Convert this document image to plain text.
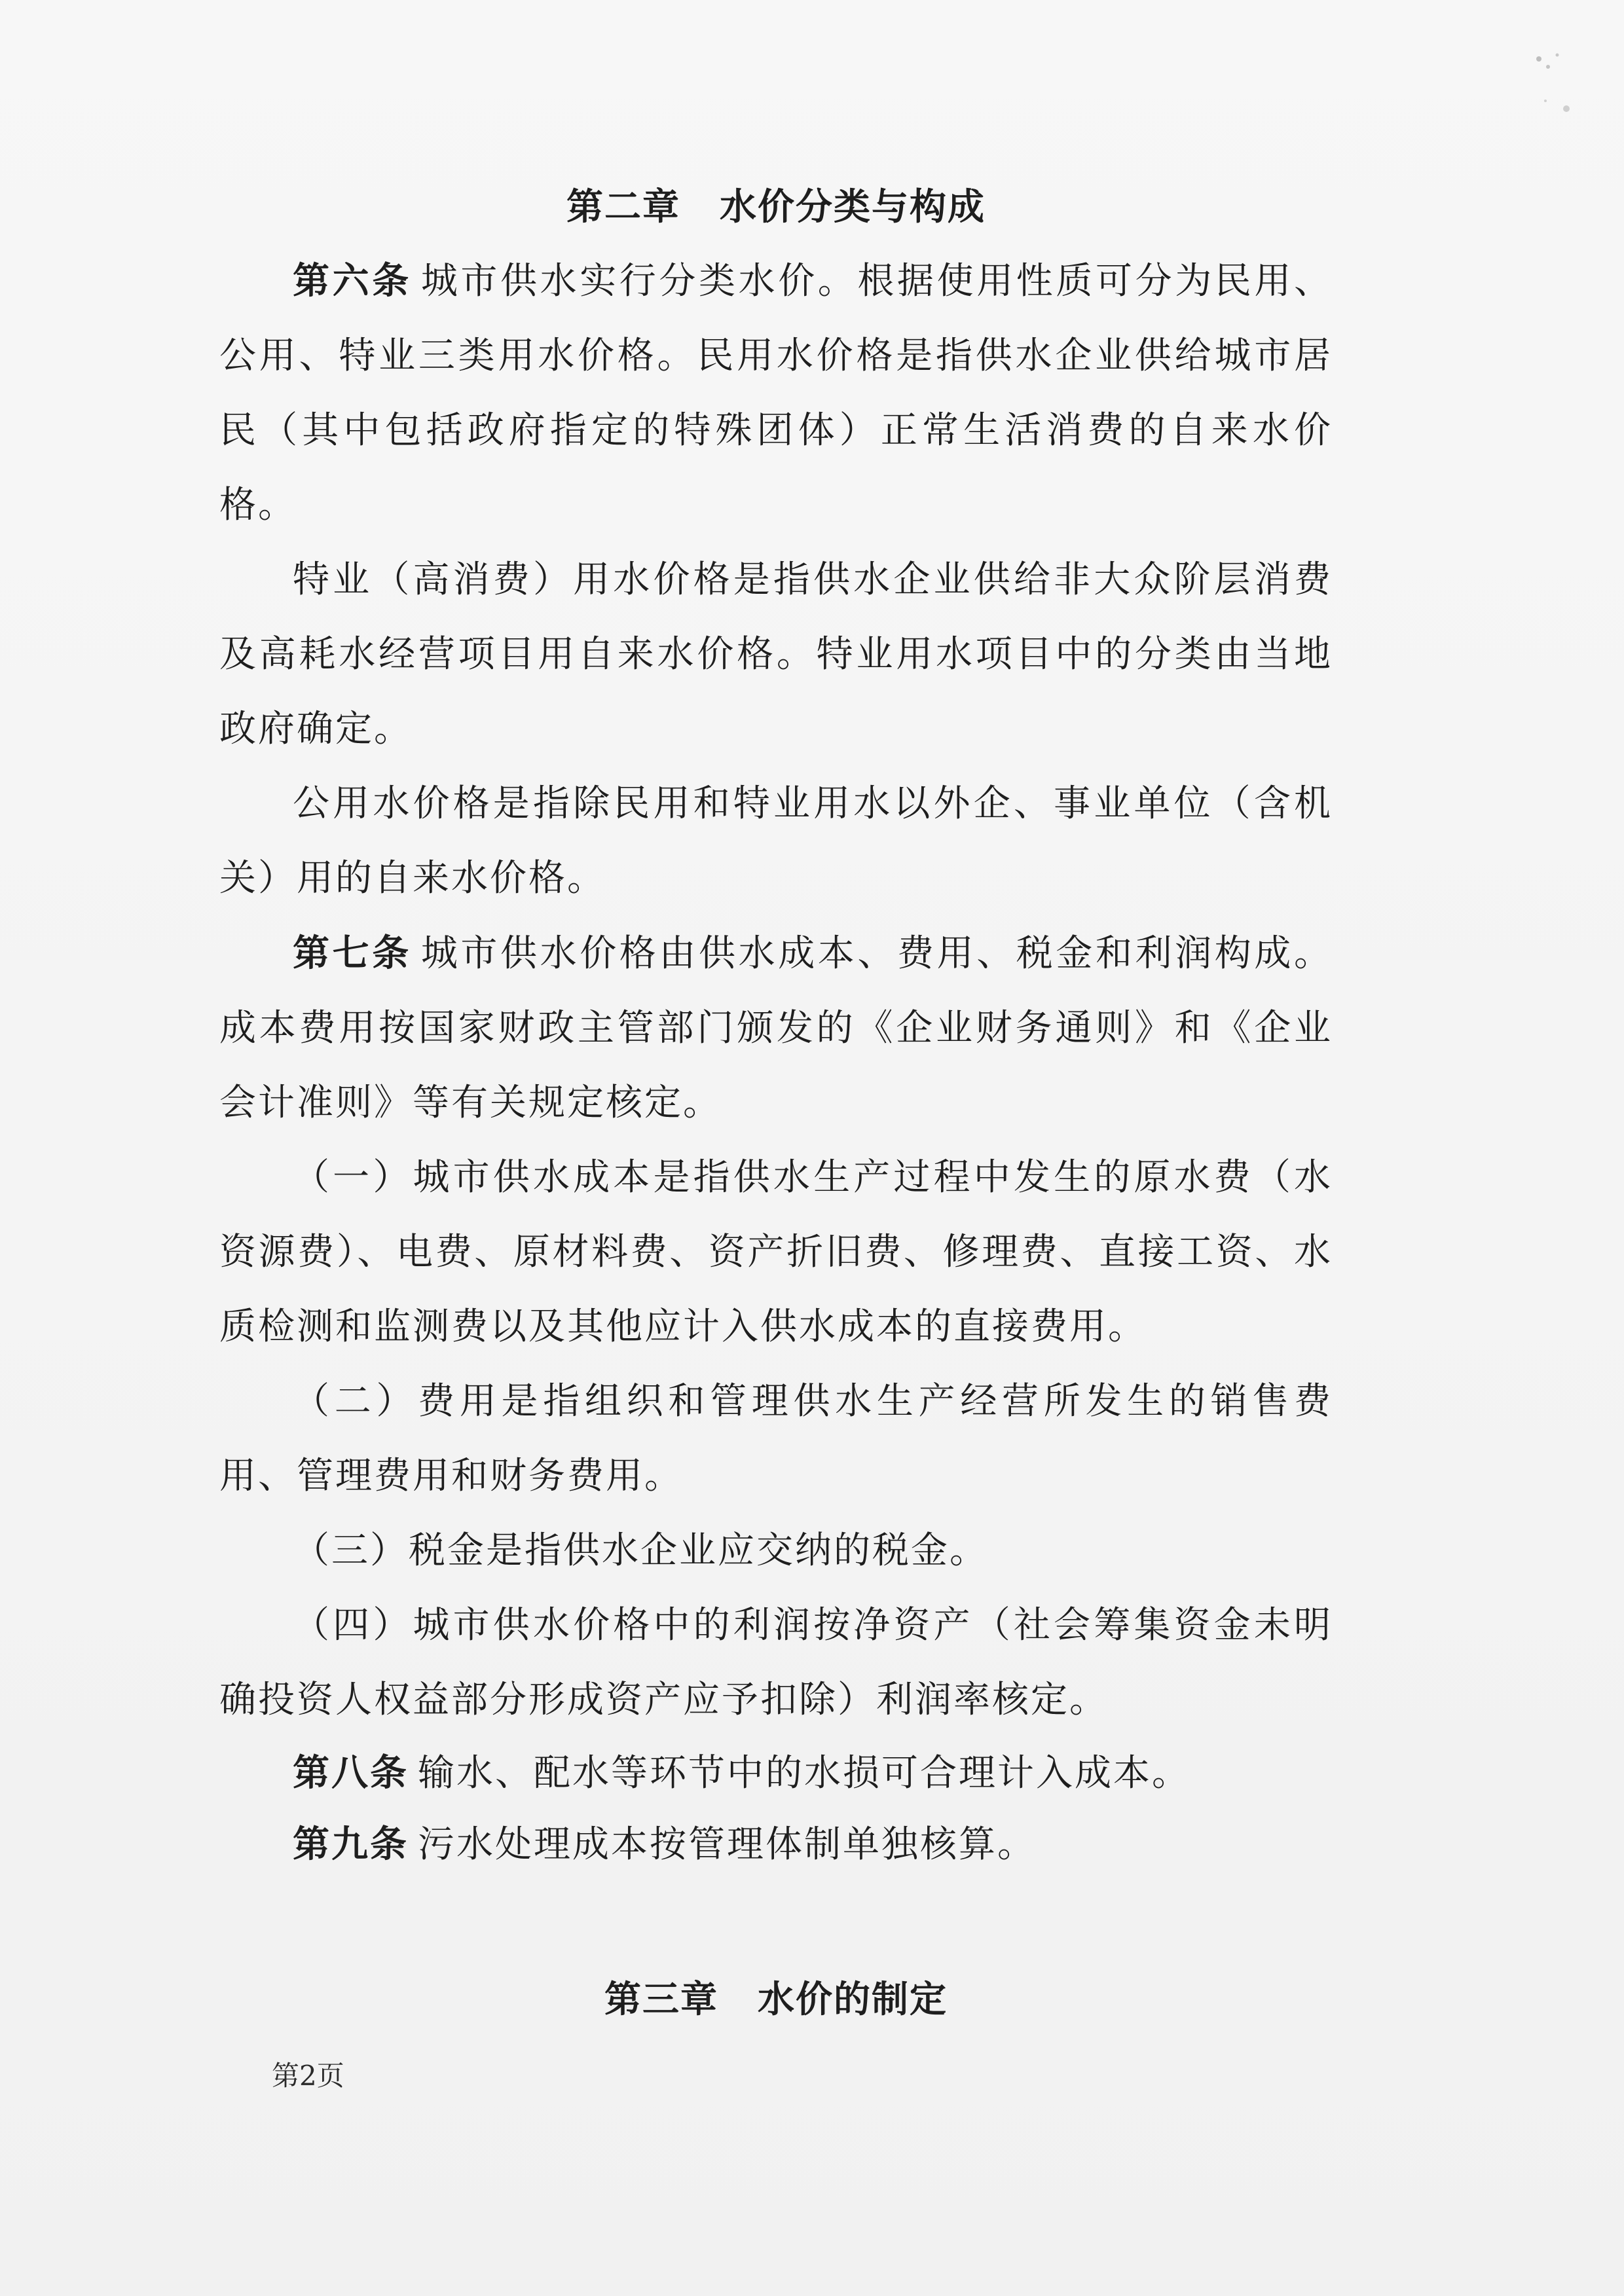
第二章 水价分类与构成

第六条 城市供水实行分类水价。根据使用性质可分为民用、公用、特业三类用水价格。民用水价格是指供水企业供给城市居民（其中包括政府指定的特殊团体）正常生活消费的自来水价格。

特业（高消费）用水价格是指供水企业供给非大众阶层消费及高耗水经营项目用自来水价格。特业用水项目中的分类由当地政府确定。

公用水价格是指除民用和特业用水以外企、事业单位（含机关）用的自来水价格。

第七条 城市供水价格由供水成本、费用、税金和利润构成。成本费用按国家财政主管部门颁发的《企业财务通则》和《企业会计准则》等有关规定核定。

（一）城市供水成本是指供水生产过程中发生的原水费（水资源费）、电费、原材料费、资产折旧费、修理费、直接工资、水质检测和监测费以及其他应计入供水成本的直接费用。

（二）费用是指组织和管理供水生产经营所发生的销售费用、管理费用和财务费用。

（三）税金是指供水企业应交纳的税金。

（四）城市供水价格中的利润按净资产（社会筹集资金未明确投资人权益部分形成资产应予扣除）利润率核定。

第八条 输水、配水等环节中的水损可合理计入成本。

第九条 污水处理成本按管理体制单独核算。

第三章 水价的制定
第2页
